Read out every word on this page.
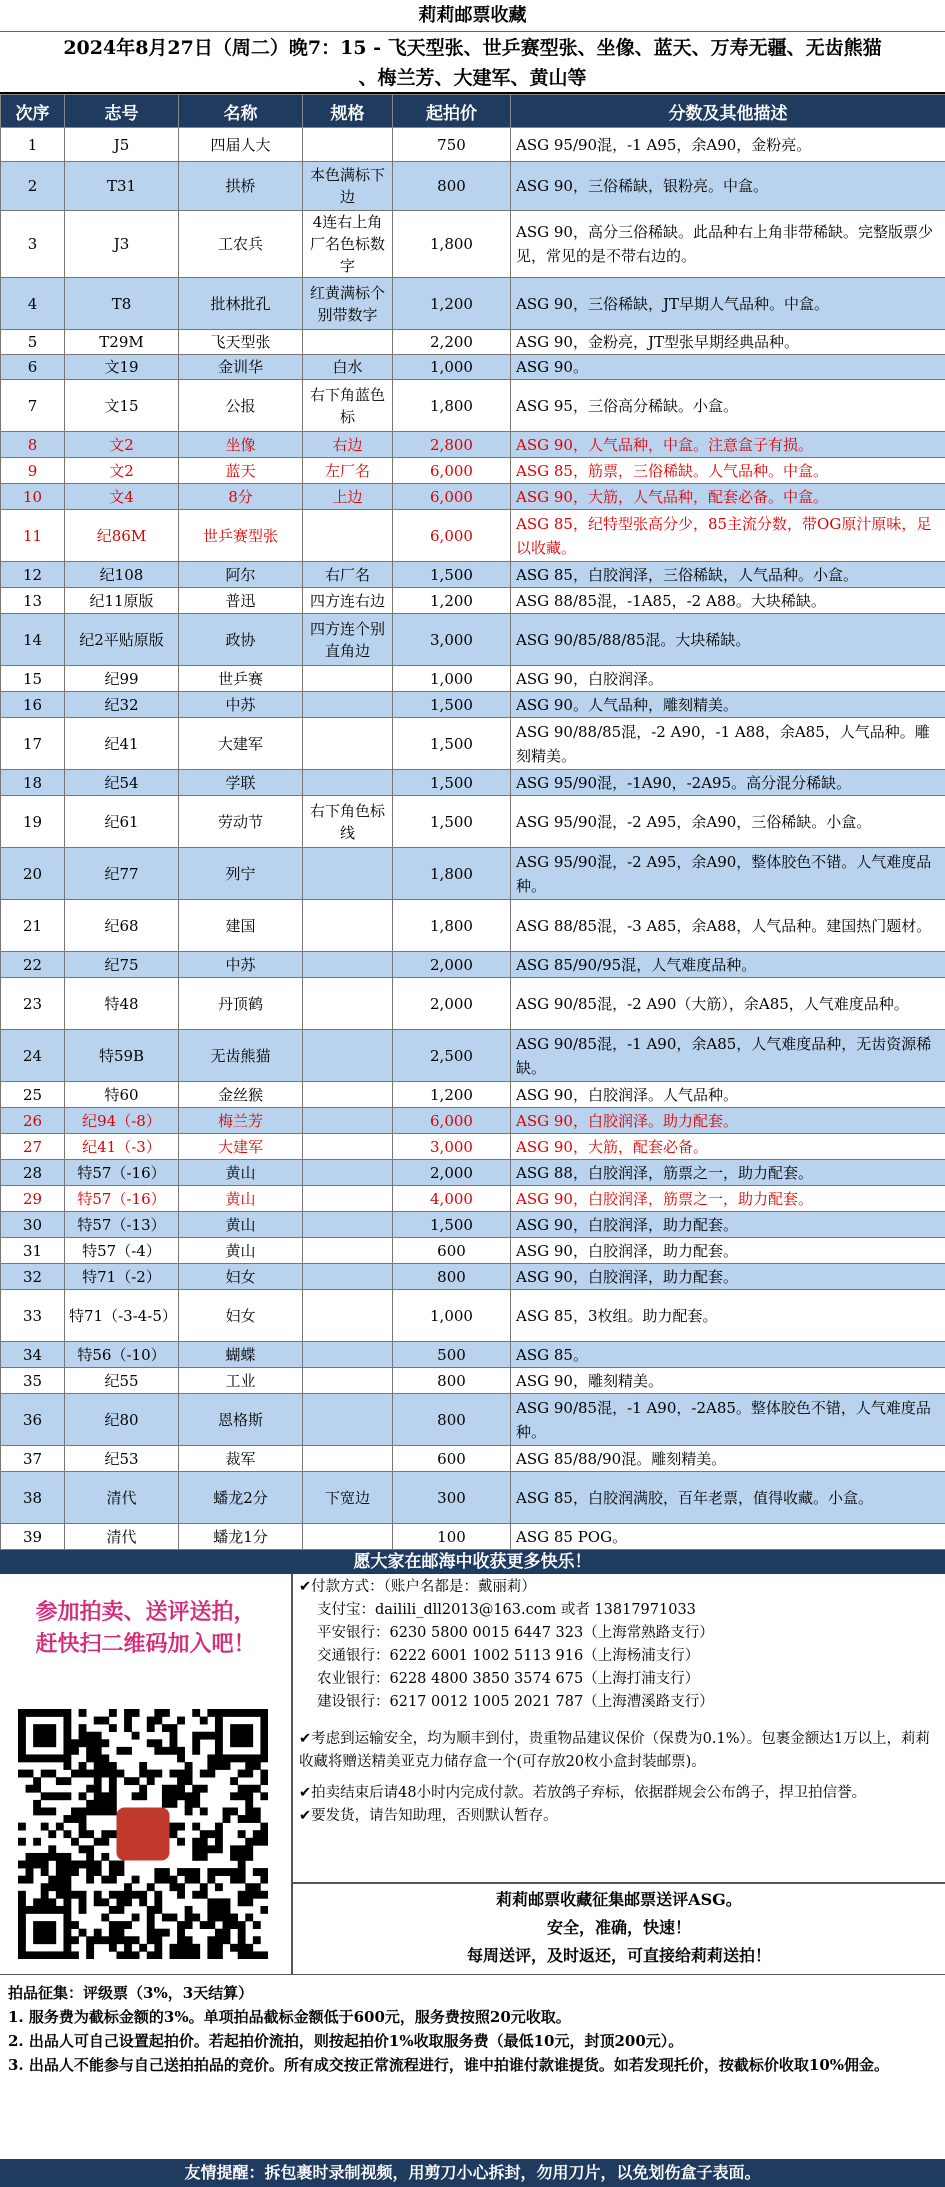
莉莉邮票收藏
2024年8月27日（周二）晚7：15 - 飞天型张、世乒赛型张、坐像、蓝天、万寿无疆、无齿熊猫
、梅兰芳、大建军、黄山等
次序	志号	名称	规格	起拍价	分数及其他描述
1	J5	四届人大		750	ASG 95/90混，-1 A95，余A90，金粉亮。
2	T31	拱桥	本色满标下边	800	ASG 90，三俗稀缺，银粉亮。中盒。
3	J3	工农兵	4连右上角厂名色标数字	1,800	ASG 90，高分三俗稀缺。此品种右上角非带稀缺。完整版票少见，常见的是不带右边的。
4	T8	批林批孔	红黄满标个别带数字	1,200	ASG 90，三俗稀缺，JT早期人气品种。中盒。
5	T29M	飞天型张		2,200	ASG 90，金粉亮，JT型张早期经典品种。
6	文19	金训华	白水	1,000	ASG 90。
7	文15	公报	右下角蓝色标	1,800	ASG 95，三俗高分稀缺。小盒。
8	文2	坐像	右边	2,800	ASG 90，人气品种，中盒。注意盒子有损。
9	文2	蓝天	左厂名	6,000	ASG 85，筋票，三俗稀缺。人气品种。中盒。
10	文4	8分	上边	6,000	ASG 90，大筋，人气品种，配套必备。中盒。
11	纪86M	世乒赛型张		6,000	ASG 85，纪特型张高分少，85主流分数，带OG原汁原味，足以收藏。
12	纪108	阿尔	右厂名	1,500	ASG 85，白胶润泽，三俗稀缺，人气品种。小盒。
13	纪11原版	普迅	四方连右边	1,200	ASG 88/85混，-1A85，-2 A88。大块稀缺。
14	纪2平贴原版	政协	四方连个别直角边	3,000	ASG 90/85/88/85混。大块稀缺。
15	纪99	世乒赛		1,000	ASG 90，白胶润泽。
16	纪32	中苏		1,500	ASG 90。人气品种，雕刻精美。
17	纪41	大建军		1,500	ASG 90/88/85混，-2 A90，-1 A88，余A85，人气品种。雕刻精美。
18	纪54	学联		1,500	ASG 95/90混，-1A90，-2A95。高分混分稀缺。
19	纪61	劳动节	右下角色标线	1,500	ASG 95/90混，-2 A95，余A90，三俗稀缺。小盒。
20	纪77	列宁		1,800	ASG 95/90混，-2 A95，余A90，整体胶色不错。人气难度品种。
21	纪68	建国		1,800	ASG 88/85混，-3 A85，余A88，人气品种。建国热门题材。
22	纪75	中苏		2,000	ASG 85/90/95混，人气难度品种。
23	特48	丹顶鹤		2,000	ASG 90/85混，-2 A90（大筋），余A85，人气难度品种。
24	特59B	无齿熊猫		2,500	ASG 90/85混，-1 A90，余A85，人气难度品种，无齿资源稀缺。
25	特60	金丝猴		1,200	ASG 90，白胶润泽。人气品种。
26	纪94（-8）	梅兰芳		6,000	ASG 90，白胶润泽。助力配套。
27	纪41（-3）	大建军		3,000	ASG 90，大筋，配套必备。
28	特57（-16）	黄山		2,000	ASG 88，白胶润泽，筋票之一，助力配套。
29	特57（-16）	黄山		4,000	ASG 90，白胶润泽，筋票之一，助力配套。
30	特57（-13）	黄山		1,500	ASG 90，白胶润泽，助力配套。
31	特57（-4）	黄山		600	ASG 90，白胶润泽，助力配套。
32	特71（-2）	妇女		800	ASG 90，白胶润泽，助力配套。
33	特71（-3-4-5）	妇女		1,000	ASG 85，3枚组。助力配套。
34	特56（-10）	蝴蝶		500	ASG 85。
35	纪55	工业		800	ASG 90，雕刻精美。
36	纪80	恩格斯		800	ASG 90/85混，-1 A90，-2A85。整体胶色不错，人气难度品种。
37	纪53	裁军		600	ASG 85/88/90混。雕刻精美。
38	清代	蟠龙2分	下宽边	300	ASG 85，白胶润满胶，百年老票，值得收藏。小盒。
39	清代	蟠龙1分		100	ASG 85 POG。
愿大家在邮海中收获更多快乐！
参加拍卖、送评送拍，
赶快扫二维码加入吧！
✔付款方式：（账户名都是：戴丽莉）
支付宝：dailili_dll2013@163.com 或者 13817971033
平安银行：6230 5800 0015 6447 323（上海常熟路支行）
交通银行：6222 6001 1002 5113 916（上海杨浦支行）
农业银行：6228 4800 3850 3574 675（上海打浦支行）
建设银行：6217 0012 1005 2021 787（上海漕溪路支行）
✔考虑到运输安全，均为顺丰到付，贵重物品建议保价（保费为0.1%）。包裹金额达1万以上，莉莉收藏将赠送精美亚克力储存盒一个(可存放20枚小盒封装邮票)。
✔拍卖结束后请48小时内完成付款。若放鸽子弃标，依据群规会公布鸽子，捍卫拍信誉。
✔要发货，请告知助理，否则默认暂存。
莉莉邮票收藏征集邮票送评ASG。
安全，准确，快速！
每周送评，及时返还，可直接给莉莉送拍！
拍品征集：评级票（3%，3天结算）
1. 服务费为截标金额的3%。单项拍品截标金额低于600元，服务费按照20元收取。
2. 出品人可自己设置起拍价。若起拍价流拍，则按起拍价1%收取服务费（最低10元，封顶200元）。
3. 出品人不能参与自己送拍拍品的竞价。所有成交按正常流程进行，谁中拍谁付款谁提货。如若发现托价，按截标价收取10%佣金。
友情提醒：拆包裹时录制视频，用剪刀小心拆封，勿用刀片，以免划伤盒子表面。
